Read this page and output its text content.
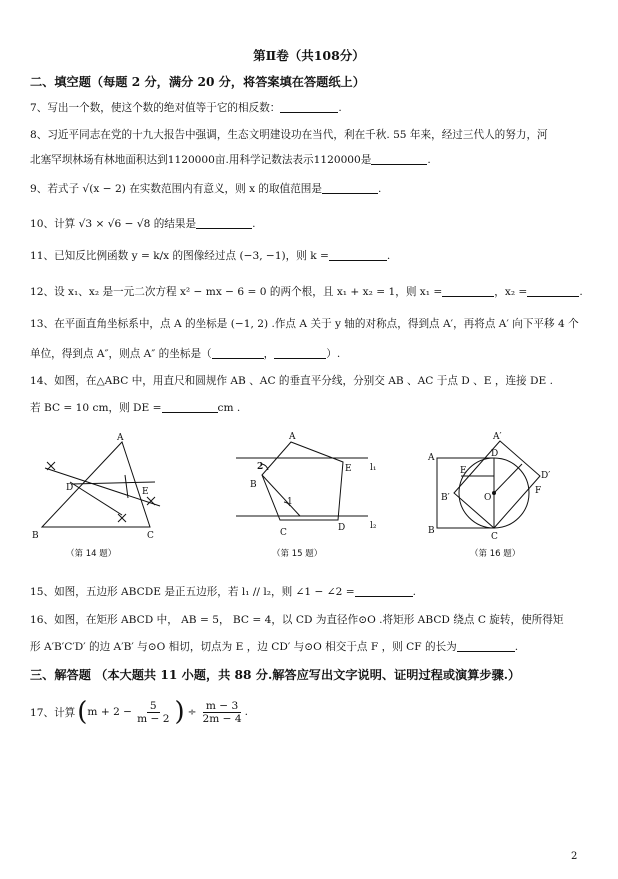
第Ⅱ卷（共108分）
二、填空题（每题 2 分，满分 20 分，将答案填在答题纸上）
7、写出一个数，使这个数的绝对值等于它的相反数：	.
8、习近平同志在党的十九大报告中强调，生态文明建设功在当代，利在千秋. 55 年来，经过三代人的努力，河
北塞罕坝林场有林地面积达到1120000亩.用科学记数法表示1120000是	.
9、若式子 √(x − 2) 在实数范围内有意义，则 x 的取值范围是	.
10、计算 √3 × √6 − √8 的结果是	.
11、已知反比例函数 y = k/x 的图像经过点 (−3, −1)，则 k =	.
12、设 x₁、x₂ 是一元二次方程 x² − mx − 6 = 0 的两个根，且 x₁ + x₂ = 1，则 x₁ =	，x₂ =	.
13、在平面直角坐标系中，点 A 的坐标是 (−1, 2) .作点 A 关于 y 轴的对称点，得到点 A′，再将点 A′ 向下平移 4 个
单位，得到点 A″，则点 A″ 的坐标是（	，	）.
14、如图，在△ABC 中，用直尺和圆规作 AB 、AC 的垂直平分线，分别交 AB 、AC 于点 D 、E ，连接 DE .
若 BC = 10 cm，则 DE =	cm .
A
B	C
D	E
（第 14 题）
A
B
C	D
E
2
1
l₁
l₂
（第 15 题）
A
A′
B
B′
C
D
D′
E
F
O
（第 16 题）
15、如图，五边形 ABCDE 是正五边形，若 l₁ // l₂，则 ∠1 − ∠2 =	.
16、如图，在矩形 ABCD 中， AB = 5， BC = 4，以 CD 为直径作⊙O .将矩形 ABCD 绕点 C 旋转，使所得矩
形 A′B′C′D′ 的边 A′B′ 与⊙O 相切，切点为 E ，边 CD′ 与⊙O 相交于点 F ，则 CF 的长为	.
三、解答题 （本大题共 11 小题，共 88 分.解答应写出文字说明、证明过程或演算步骤.）
17、计算 ( $m + 2 - \frac{5}{m - 2}$ ) ÷ $\frac{m - 3}{2m - 4}$ .
2
